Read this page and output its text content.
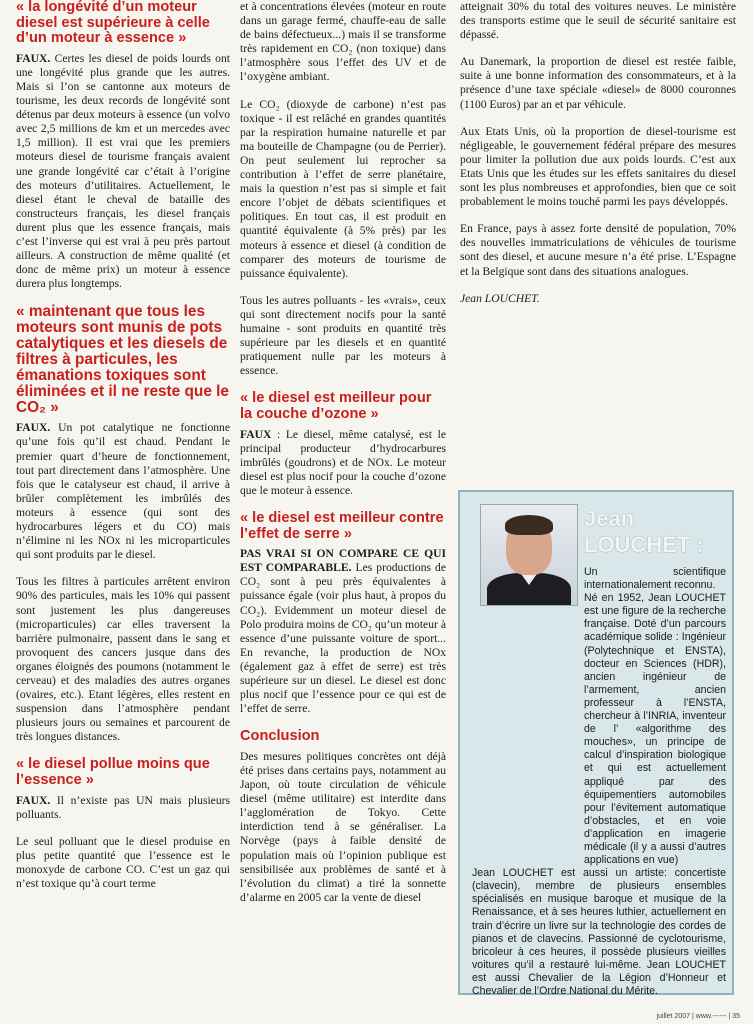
« la longévité d’un moteur diesel est supérieure à celle d’un moteur à essence »

FAUX. Certes les diesel de poids lourds ont une longévité plus grande que les autres. Mais si l’on se cantonne aux moteurs de tourisme, les deux records de longévité sont détenus par deux moteurs à essence (un volvo avec 2,5 millions de km et un mercedes avec 1,5 million). Il est vrai que les premiers moteurs diesel de tourisme français avaient une grande longévité car c’était à l’origine des moteurs d’utilitaires. Actuellement, le diesel étant le cheval de bataille des constructeurs français, les diesel français durent plus que les essence français, mais c’est l’inverse qui est vrai à peu près partout ailleurs. A construction de même qualité (et donc de même prix) un moteur à essence durera plus longtemps.

« maintenant que tous les moteurs sont munis de pots catalytiques et les diesels de filtres à particules, les émanations toxiques sont éliminées et il ne reste que le CO₂ »

FAUX. Un pot catalytique ne fonctionne qu’une fois qu’il est chaud. Pendant le premier quart d’heure de fonctionnement, tout part directement dans l’atmosphère. Une fois que le catalyseur est chaud, il arrive à brûler complètement les imbrûlés des moteurs à essence (qui sont des hydrocarbures légers et du CO) mais n’élimine ni les NOx ni les microparticules qui sont produits par le diesel.

Tous les filtres à particules arrêtent environ 90% des particules, mais les 10% qui passent sont justement les plus dangereuses (microparticules) car elles traversent la barrière pulmonaire, passent dans le sang et provoquent des cancers jusque dans des organes éloignés des poumons (notamment le cerveau) et des maladies des autres organes (ovaires, etc.). Etant légères, elles restent en suspension dans l’atmosphère pendant plusieurs jours ou semaines et parcourent de très longues distances.

« le diesel pollue moins que l’essence »

FAUX. Il n’existe pas UN mais plusieurs polluants.

Le seul polluant que le diesel produise en plus petite quantité que l’essence est le monoxyde de carbone CO. C’est un gaz qui n’est toxique qu’à court terme

et à concentrations élevées (moteur en route dans un garage fermé, chauffe-eau de salle de bains défectueux...) mais il se transforme très rapidement en CO₂ (non toxique) dans l’atmosphère sous l’effet des UV et de l’oxygène ambiant.

Le CO₂ (dioxyde de carbone) n’est pas toxique - il est relâché en grandes quantités par la respiration humaine naturelle et par ma bouteille de Champagne (ou de Perrier). On peut seulement lui reprocher sa contribution à l’effet de serre planétaire, mais la question n’est pas si simple et fait encore l’objet de débats scientifiques et politiques. En tout cas, il est produit en quantité équivalente (à 5% près) par les moteurs à essence et diesel (à condition de comparer des moteurs de tourisme de puissance équivalente).

Tous les autres polluants - les «vrais», ceux qui sont directement nocifs pour la santé humaine - sont produits en quantité très supérieure par les diesels et en quantité pratiquement nulle par les moteurs à essence.

« le diesel est meilleur pour la couche d’ozone »

FAUX : Le diesel, même catalysé, est le principal producteur d’hydrocarbures imbrûlés (goudrons) et de NOx. Le moteur diesel est plus nocif pour la couche d’ozone que le moteur à essence.

« le diesel est meilleur contre l’effet de serre »

PAS VRAI SI ON COMPARE CE QUI EST COMPARABLE. Les productions de CO₂ sont à peu près équivalentes à puissance égale (voir plus haut, à propos du CO₂). Evidemment un moteur diesel de Polo produira moins de CO₂ qu’un moteur à essence d’une puissante voiture de sport... En revanche, la production de NOx (également gaz à effet de serre) est très supérieure sur un diesel. Le diesel est donc plus nocif que l’essence pour ce qui est de l’effet de serre.

Conclusion

Des mesures politiques concrètes ont déjà été prises dans certains pays, notamment au Japon, où toute circulation de véhicule diesel (même utilitaire) est interdite dans l’agglomération de Tokyo. Cette interdiction tend à se généraliser. La Norvège (pays à faible densité de population mais où l’opinion publique est sensibilisée aux problèmes de santé et à l’évolution du climat) a tiré la sonnette d’alarme en 2005 car la vente de diesel

atteignait 30% du total des voitures neuves. Le ministère des transports estime que le seuil de sécurité sanitaire est dépassé.

Au Danemark, la proportion de diesel est restée faible, suite à une bonne information des consommateurs, et à la présence d’une taxe spéciale «diesel» de 8000 couronnes (1100 Euros) par an et par véhicule.

Aux Etats Unis, où la proportion de diesel-tourisme est négligeable, le gouvernement fédéral prépare des mesures pour limiter la pollution due aux poids lourds. C’est aux Etats Unis que les études sur les effets sanitaires du diesel sont les plus nombreuses et approfondies, bien que ce soit probablement le moins touché parmi les pays développés.

En France, pays à assez forte densité de population, 70% des nouvelles immatriculations de véhicules de tourisme sont des diesel, et aucune mesure n’a été prise. L’Espagne et la Belgique sont dans des situations analogues.

Jean LOUCHET.

Jean
LOUCHET :
Un scientifique internationalement reconnu.
Né en 1952, Jean LOUCHET est une figure de la recherche française. Doté d’un parcours académique solide : Ingénieur (Polytechnique et ENSTA), docteur en Sciences (HDR), ancien ingénieur de l’armement, ancien professeur à l’ENSTA, chercheur à l’INRIA, inventeur de l’ «algorithme des mouches», un principe de calcul d’inspiration biologique et qui est actuellement appliqué par des équipementiers automobiles pour l’évitement automatique d’obstacles, et en voie d’application en imagerie médicale (il y a aussi d’autres applications en vue)
Jean LOUCHET est aussi un artiste: concertiste (clavecin), membre de plusieurs ensembles spécialisés en musique baroque et musique de la Renaissance, et à ses heures luthier, actuellement en train d’écrire un livre sur la technologie des cordes de pianos et de clavecins. Passionné de cyclotourisme, bricoleur à ces heures, il possède plusieurs vieilles voitures qu’il a restauré lui-même. Jean LOUCHET est aussi Chevalier de la Légion d’Honneur et Chevalier de l’Ordre National du Mérite.
juillet 2007 | www.------ | 35
